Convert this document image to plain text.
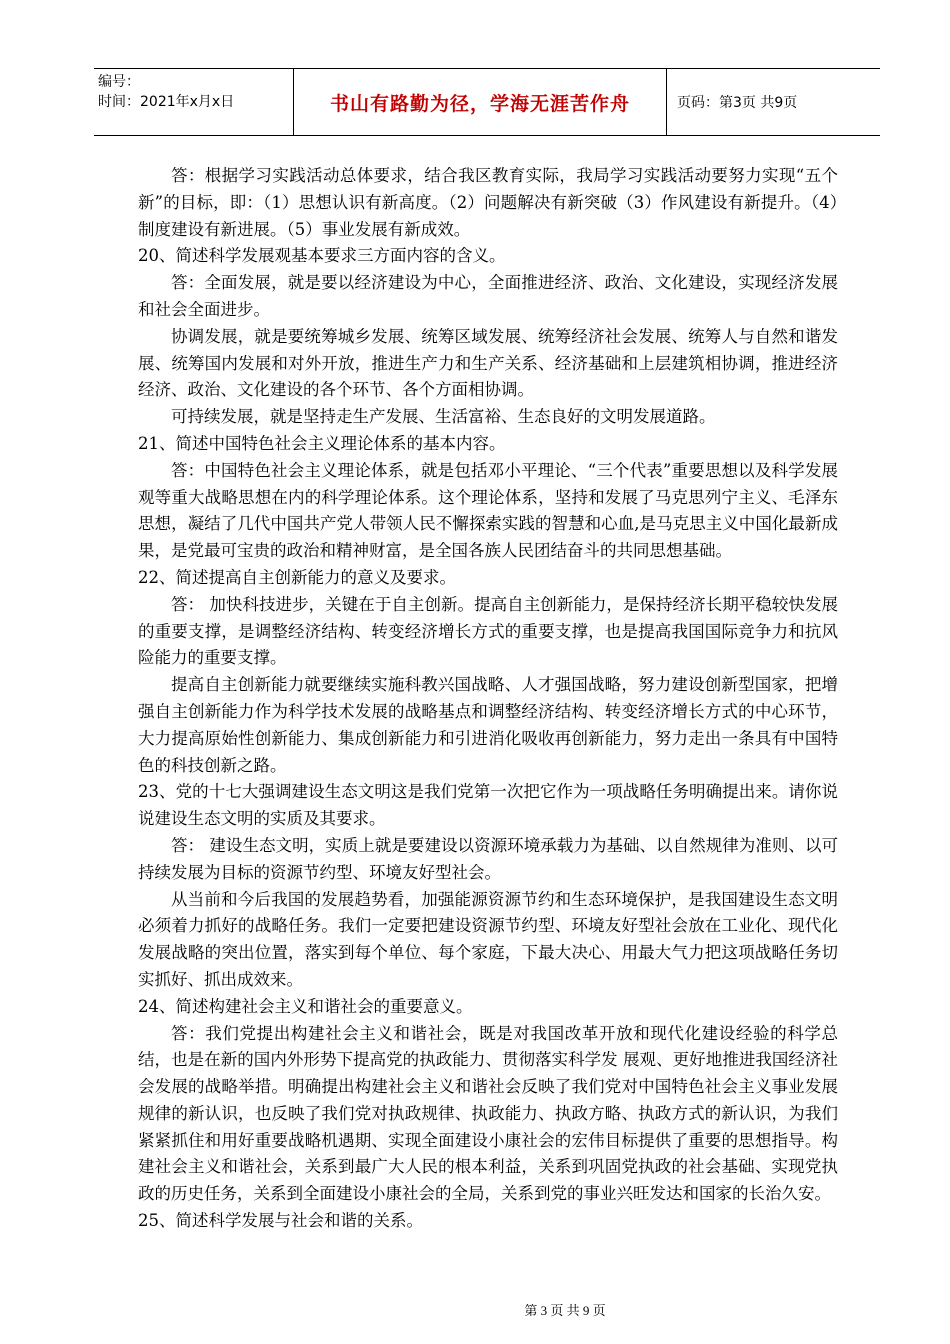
编号：
时间：2021年x月x日	书山有路勤为径，学海无涯苦作舟	页码：第3页 共9页

答：根据学习实践活动总体要求，结合我区教育实际，我局学习实践活动要努力实现“五个新”的目标，即：（1）思想认识有新高度。（2）问题解决有新突破（3）作风建设有新提升。（4）制度建设有新进展。（5）事业发展有新成效。

20、简述科学发展观基本要求三方面内容的含义。

答：全面发展，就是要以经济建设为中心，全面推进经济、政治、文化建设，实现经济发展和社会全面进步。

协调发展，就是要统筹城乡发展、统筹区域发展、统筹经济社会发展、统筹人与自然和谐发展、统筹国内发展和对外开放，推进生产力和生产关系、经济基础和上层建筑相协调，推进经济经济、政治、文化建设的各个环节、各个方面相协调。

可持续发展，就是坚持走生产发展、生活富裕、生态良好的文明发展道路。

21、简述中国特色社会主义理论体系的基本内容。

答：中国特色社会主义理论体系，就是包括邓小平理论、“三个代表”重要思想以及科学发展观等重大战略思想在内的科学理论体系。这个理论体系，坚持和发展了马克思列宁主义、毛泽东思想，凝结了几代中国共产党人带领人民不懈探索实践的智慧和心血,是马克思主义中国化最新成果，是党最可宝贵的政治和精神财富，是全国各族人民团结奋斗的共同思想基础。

22、简述提高自主创新能力的意义及要求。

答： 加快科技进步，关键在于自主创新。提高自主创新能力，是保持经济长期平稳较快发展的重要支撑，是调整经济结构、转变经济增长方式的重要支撑，也是提高我国国际竞争力和抗风险能力的重要支撑。

提高自主创新能力就要继续实施科教兴国战略、人才强国战略，努力建设创新型国家，把增强自主创新能力作为科学技术发展的战略基点和调整经济结构、转变经济增长方式的中心环节，大力提高原始性创新能力、集成创新能力和引进消化吸收再创新能力，努力走出一条具有中国特色的科技创新之路。

23、党的十七大强调建设生态文明这是我们党第一次把它作为一项战略任务明确提出来。请你说说建设生态文明的实质及其要求。

答： 建设生态文明，实质上就是要建设以资源环境承载力为基础、以自然规律为准则、以可持续发展为目标的资源节约型、环境友好型社会。

从当前和今后我国的发展趋势看，加强能源资源节约和生态环境保护，是我国建设生态文明必须着力抓好的战略任务。我们一定要把建设资源节约型、环境友好型社会放在工业化、现代化发展战略的突出位置，落实到每个单位、每个家庭，下最大决心、用最大气力把这项战略任务切实抓好、抓出成效来。

24、简述构建社会主义和谐社会的重要意义。

答：我们党提出构建社会主义和谐社会，既是对我国改革开放和现代化建设经验的科学总结，也是在新的国内外形势下提高党的执政能力、贯彻落实科学发 展观、更好地推进我国经济社会发展的战略举措。明确提出构建社会主义和谐社会反映了我们党对中国特色社会主义事业发展规律的新认识，也反映了我们党对执政规律、执政能力、执政方略、执政方式的新认识，为我们紧紧抓住和用好重要战略机遇期、实现全面建设小康社会的宏伟目标提供了重要的思想指导。构建社会主义和谐社会，关系到最广大人民的根本利益，关系到巩固党执政的社会基础、实现党执政的历史任务，关系到全面建设小康社会的全局，关系到党的事业兴旺发达和国家的长治久安。

25、简述科学发展与社会和谐的关系。

第 3 页 共 9 页
